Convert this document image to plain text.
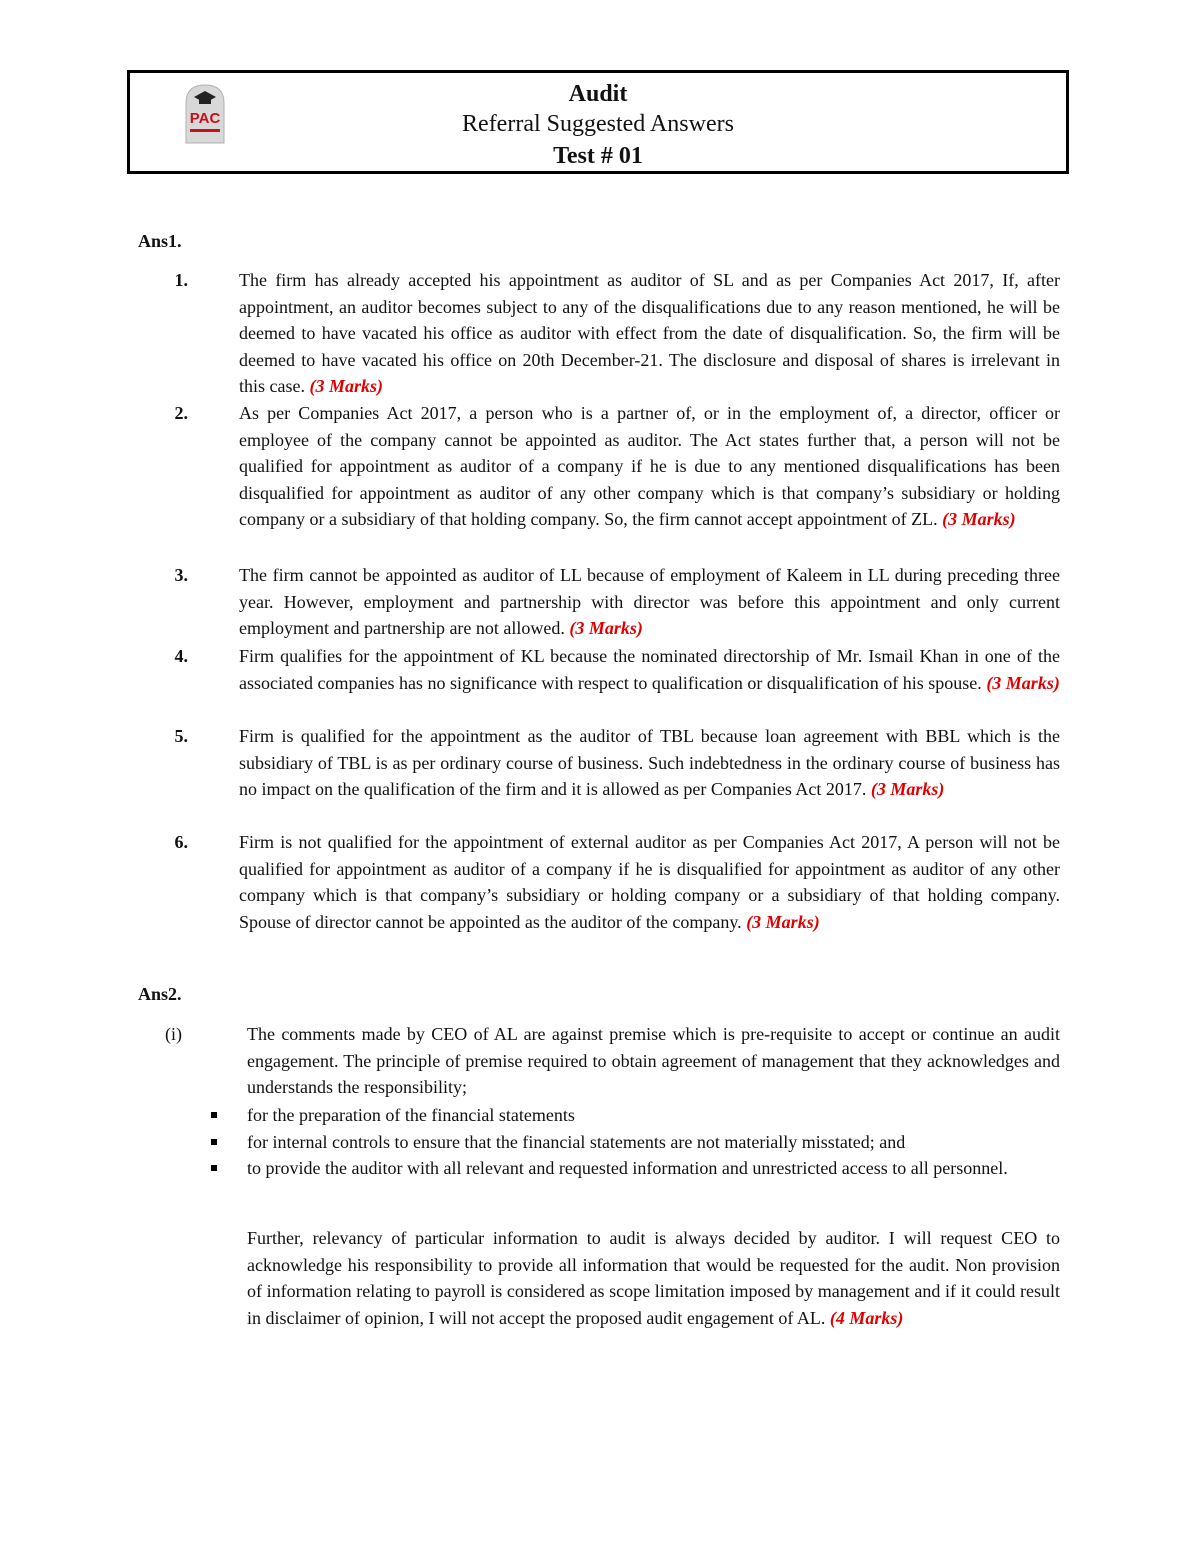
PAC
Audit
Referral Suggested Answers
Test # 01
Ans1.
1.	The firm has already accepted his appointment as auditor of SL and as per Companies Act 2017, If, after appointment, an auditor becomes subject to any of the disqualifications due to any reason mentioned, he will be deemed to have vacated his office as auditor with effect from the date of disqualification. So, the firm will be deemed to have vacated his office on 20th December-21. The disclosure and disposal of shares is irrelevant in this case. (3 Marks)
2.	As per Companies Act 2017, a person who is a partner of, or in the employment of, a director, officer or employee of the company cannot be appointed as auditor. The Act states further that, a person will not be qualified for appointment as auditor of a company if he is due to any mentioned disqualifications has been disqualified for appointment as auditor of any other company which is that company’s subsidiary or holding company or a subsidiary of that holding company. So, the firm cannot accept appointment of ZL. (3 Marks)
3.	The firm cannot be appointed as auditor of LL because of employment of Kaleem in LL during preceding three year. However, employment and partnership with director was before this appointment and only current employment and partnership are not allowed. (3 Marks)
4.	Firm qualifies for the appointment of KL because the nominated directorship of Mr. Ismail Khan in one of the associated companies has no significance with respect to qualification or disqualification of his spouse. (3 Marks)
5.	Firm is qualified for the appointment as the auditor of TBL because loan agreement with BBL which is the subsidiary of TBL is as per ordinary course of business. Such indebtedness in the ordinary course of business has no impact on the qualification of the firm and it is allowed as per Companies Act 2017. (3 Marks)
6.	Firm is not qualified for the appointment of external auditor as per Companies Act 2017, A person will not be qualified for appointment as auditor of a company if he is disqualified for appointment as auditor of any other company which is that company’s subsidiary or holding company or a subsidiary of that holding company. Spouse of director cannot be appointed as the auditor of the company. (3 Marks)
Ans2.
(i)	The comments made by CEO of AL are against premise which is pre-requisite to accept or continue an audit engagement. The principle of premise required to obtain agreement of management that they acknowledges and understands the responsibility;
for the preparation of the financial statements
for internal controls to ensure that the financial statements are not materially misstated; and
to provide the auditor with all relevant and requested information and unrestricted access to all personnel.
Further, relevancy of particular information to audit is always decided by auditor. I will request CEO to acknowledge his responsibility to provide all information that would be requested for the audit. Non provision of information relating to payroll is considered as scope limitation imposed by management and if it could result in disclaimer of opinion, I will not accept the proposed audit engagement of AL. (4 Marks)
